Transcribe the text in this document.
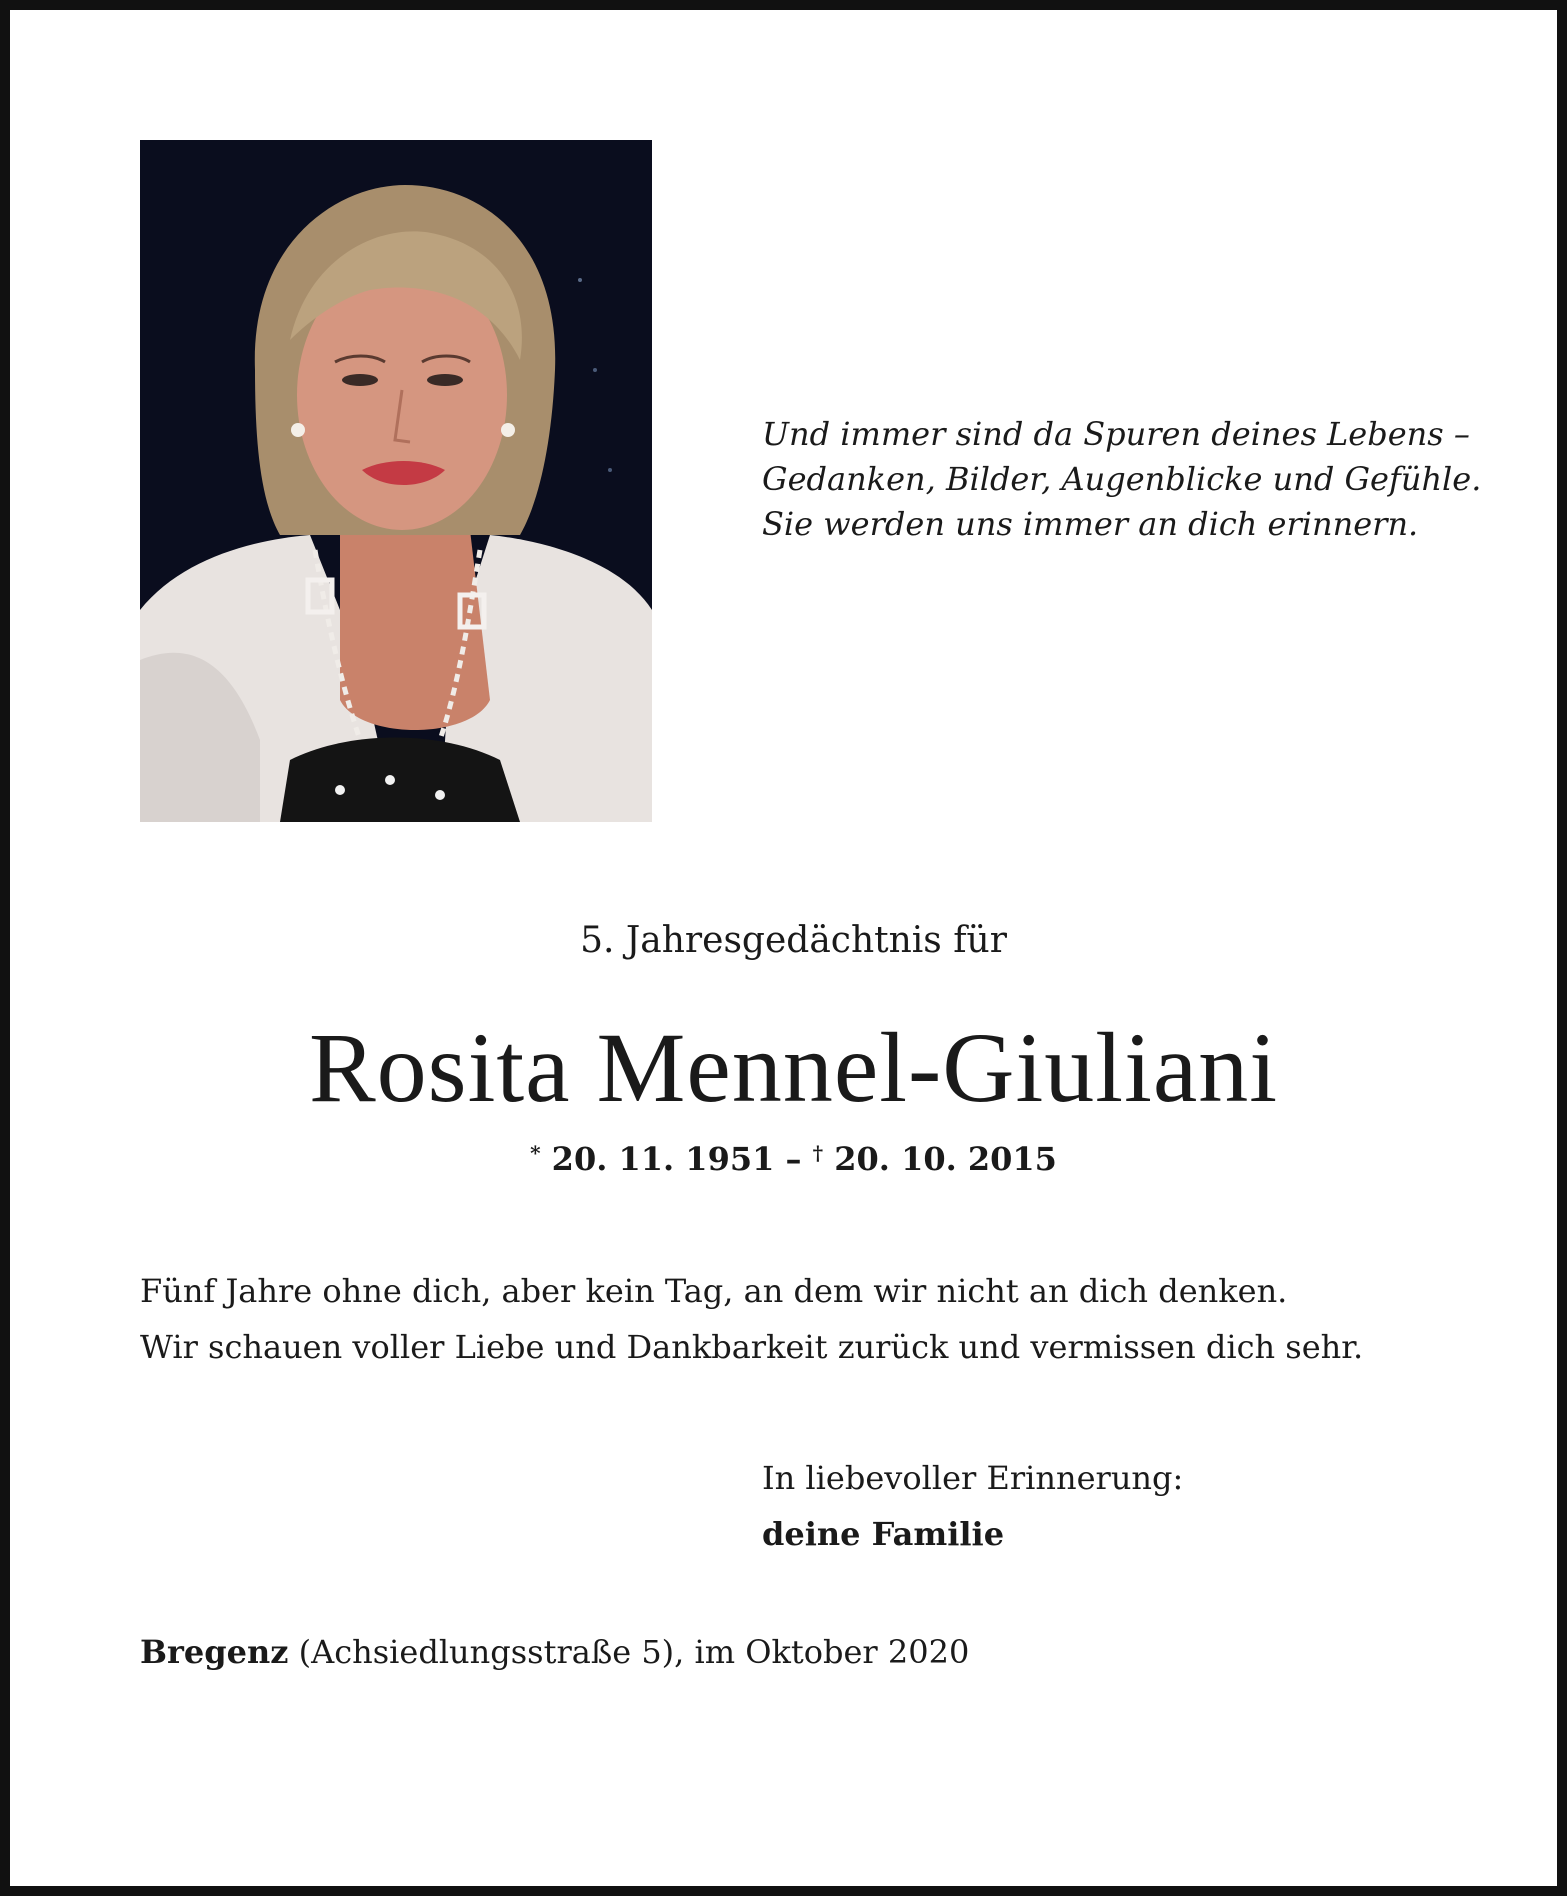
Und immer sind da Spuren deines Lebens –
Gedanken, Bilder, Augenblicke und Gefühle.
Sie werden uns immer an dich erinnern.
5. Jahresgedächtnis für
Rosita Mennel-Giuliani
* 20. 11. 1951 – † 20. 10. 2015
Fünf Jahre ohne dich, aber kein Tag, an dem wir nicht an dich denken.
Wir schauen voller Liebe und Dankbarkeit zurück und vermissen dich sehr.
In liebevoller Erinnerung:
deine Familie
Bregenz (Achsiedlungsstraße 5), im Oktober 2020
